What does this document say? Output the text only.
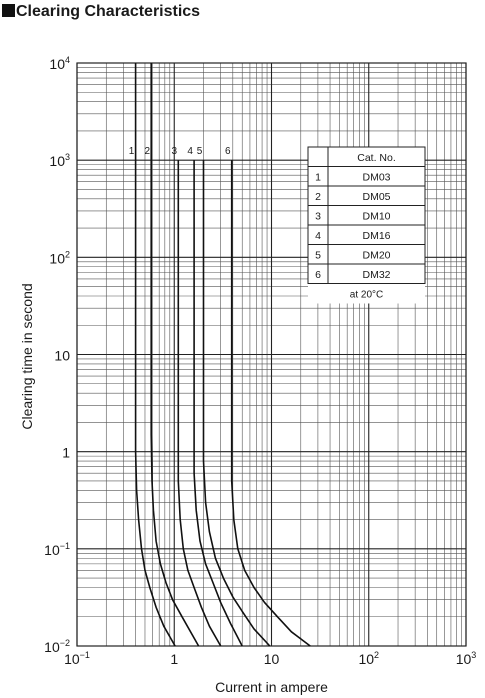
Clearing Characteristics
1 2 3 4 5 6
Cat. No.
1	DM03
2	DM05
3	DM10
4	DM16
5	DM20
6	DM32
at 20°C
$10^{-1}$	1	10	$10^2$	$10^3$
$10^{-2}$
$10^{-1}$
1
10
$10^2$
$10^3$
$10^4$
Current in ampere
Clearing time in second
